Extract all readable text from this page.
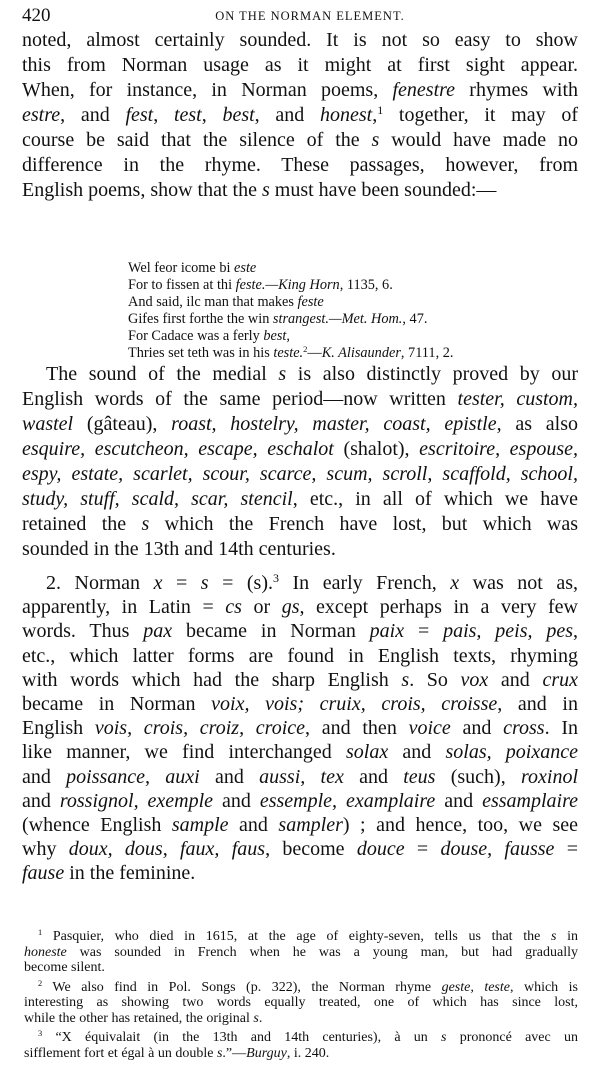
420	ON THE NORMAN ELEMENT.
noted, almost certainly sounded. It is not so easy to show
this from Norman usage as it might at first sight appear.
When, for instance, in Norman poems, fenestre rhymes with
estre, and fest, test, best, and honest,$^1$ together, it may of
course be said that the silence of the s would have made no
difference in the rhyme. These passages, however, from
English poems, show that the s must have been sounded:—
Wel feor icome bi este
For to fissen at thi feste.—King Horn, 1135, 6.
And said, ilc man that makes feste
Gifes first forthe the win strangest.—Met. Hom., 47.
For Cadace was a ferly best,
Thries set teth was in his teste.$^2$—K. Alisaunder, 7111, 2.
The sound of the medial s is also distinctly proved by our
English words of the same period—now written tester, custom,
wastel (gâteau), roast, hostelry, master, coast, epistle, as also
esquire, escutcheon, escape, eschalot (shalot), escritoire, espouse,
espy, estate, scarlet, scour, scarce, scum, scroll, scaffold, school,
study, stuff, scald, scar, stencil, etc., in all of which we have
retained the s which the French have lost, but which was
sounded in the 13th and 14th centuries.
2. Norman x = s = (s).$^3$ In early French, x was not as,
apparently, in Latin = cs or gs, except perhaps in a very few
words. Thus pax became in Norman paix = pais, peis, pes,
etc., which latter forms are found in English texts, rhyming
with words which had the sharp English s. So vox and crux
became in Norman voix, vois; cruix, crois, croisse, and in
English vois, crois, croiz, croice, and then voice and cross. In
like manner, we find interchanged solax and solas, poixance
and poissance, auxi and aussi, tex and teus (such), roxinol
and rossignol, exemple and essemple, examplaire and essamplaire
(whence English sample and sampler) ; and hence, too, we see
why doux, dous, faux, faus, become douce = douse, fausse =
fause in the feminine.
$^1$ Pasquier, who died in 1615, at the age of eighty-seven, tells us that the s in
honeste was sounded in French when he was a young man, but had gradually
become silent.
$^2$ We also find in Pol. Songs (p. 322), the Norman rhyme geste, teste, which is
interesting as showing two words equally treated, one of which has since lost,
while the other has retained, the original s.
$^3$ “X équivalait (in the 13th and 14th centuries), à un s prononcé avec un
sifflement fort et égal à un double s.”—Burguy, i. 240.
